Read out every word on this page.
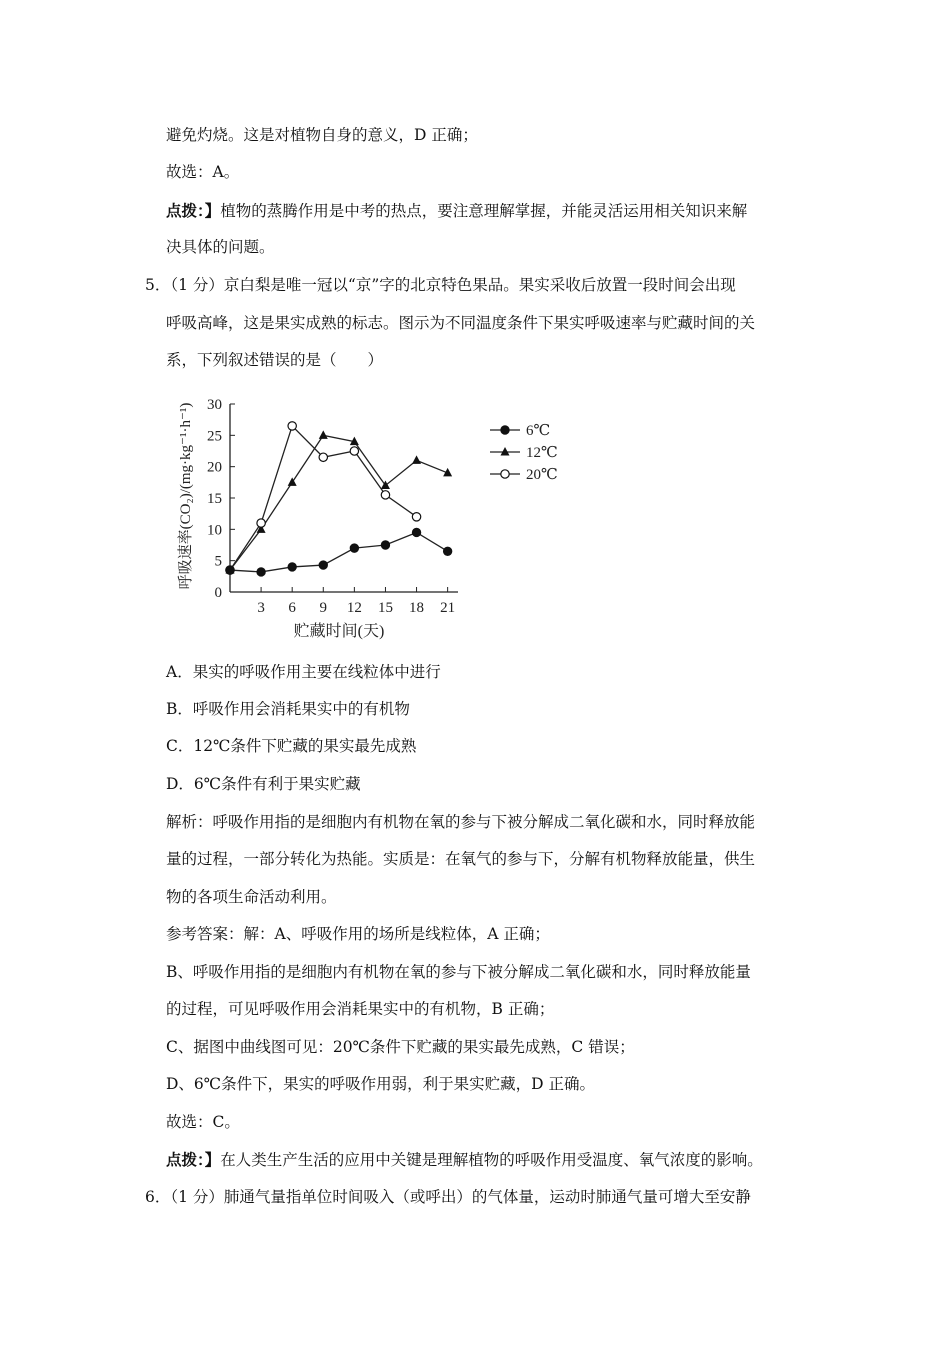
避免灼烧。这是对植物自身的意义，D 正确；

故选：A。

点拨：】植物的蒸腾作用是中考的热点，要注意理解掌握，并能灵活运用相关知识来解

决具体的问题。

5．（1 分）京白梨是唯一冠以“京”字的北京特色果品。果实采收后放置一段时间会出现

呼吸高峰，这是果实成熟的标志。图示为不同温度条件下果实呼吸速率与贮藏时间的关

系，下列叙述错误的是（　　）

0
5
10
15
20
25
30
3 6 9 12 15 18 21
6℃
12℃
20℃
呼吸速率(CO₂)/(mg·kg⁻¹·h⁻¹)
贮藏时间(天)

A．果实的呼吸作用主要在线粒体中进行

B．呼吸作用会消耗果实中的有机物

C．12℃条件下贮藏的果实最先成熟

D．6℃条件有利于果实贮藏

解析：呼吸作用指的是细胞内有机物在氧的参与下被分解成二氧化碳和水，同时释放能

量的过程，一部分转化为热能。实质是：在氧气的参与下，分解有机物释放能量，供生

物的各项生命活动利用。

参考答案：解：A、呼吸作用的场所是线粒体，A 正确；

B、呼吸作用指的是细胞内有机物在氧的参与下被分解成二氧化碳和水，同时释放能量

的过程，可见呼吸作用会消耗果实中的有机物，B 正确；

C、据图中曲线图可见：20℃条件下贮藏的果实最先成熟，C 错误；

D、6℃条件下，果实的呼吸作用弱，利于果实贮藏，D 正确。

故选：C。

点拨：】在人类生产生活的应用中关键是理解植物的呼吸作用受温度、氧气浓度的影响。

6．（1 分）肺通气量指单位时间吸入（或呼出）的气体量，运动时肺通气量可增大至安静
